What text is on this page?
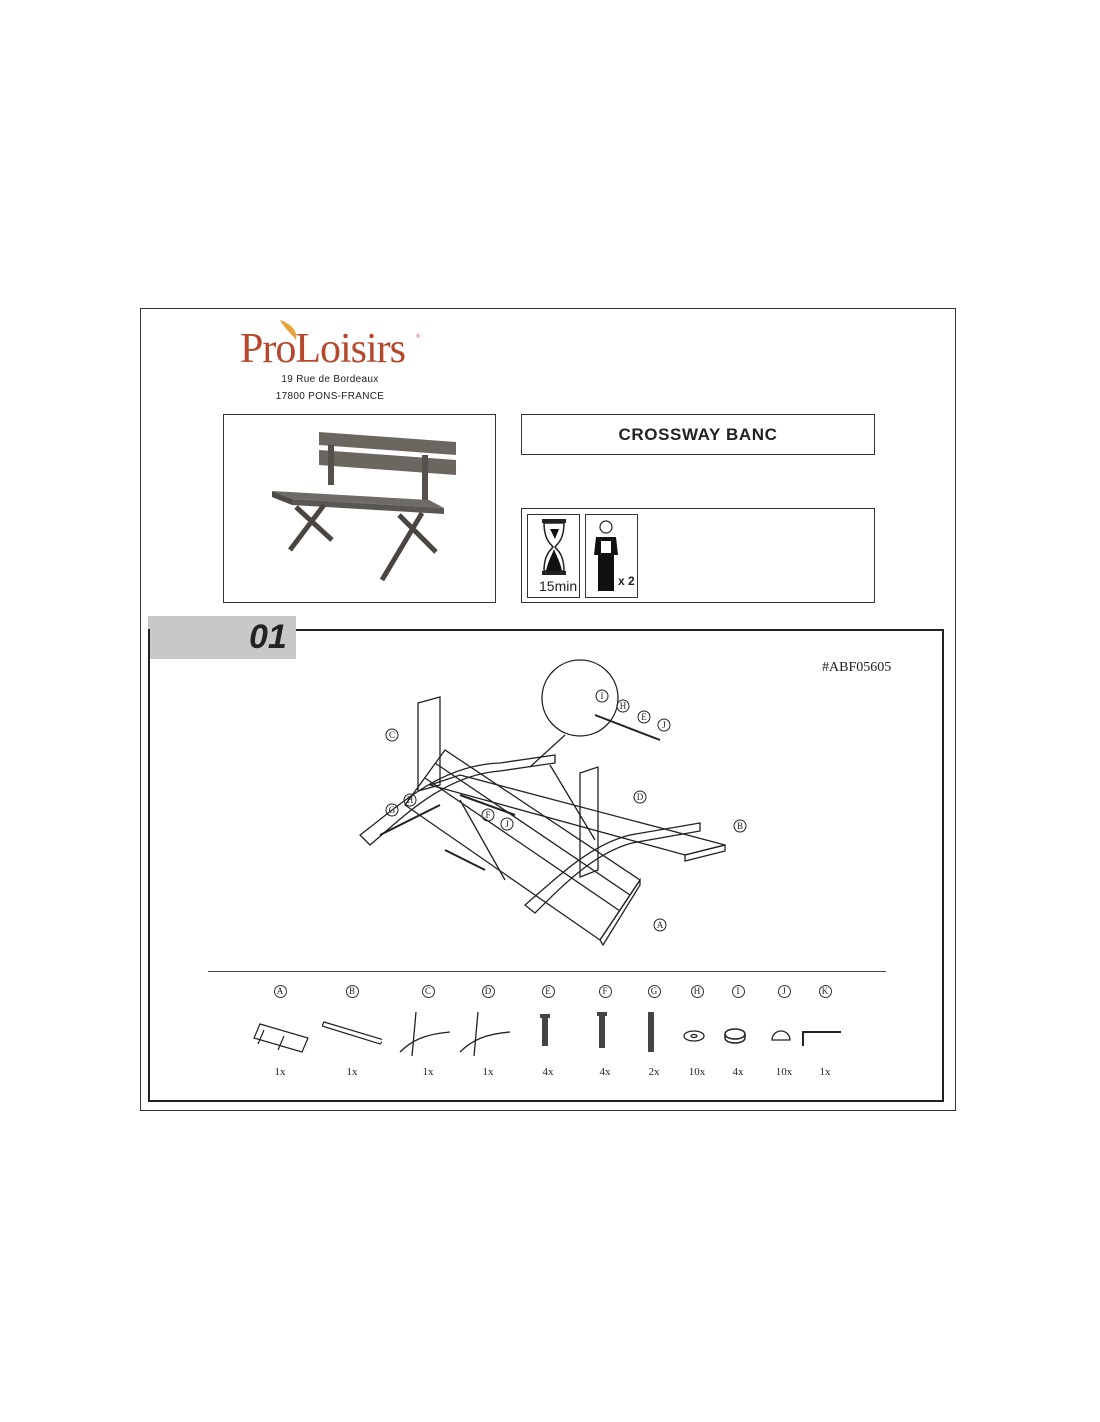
ProLoisirs ®
19 Rue de Bordeaux
17800 PONS-FRANCE
CROSSWAY BANC
15min	x 2
01
#ABF05605
C
D
B
A
I
H
E
J
G
H
F
J
A
1x
B
1x
C
1x
D
1x
E
4x
F
4x
G
2x
H
10x
I
4x
J
10x
K
1x
